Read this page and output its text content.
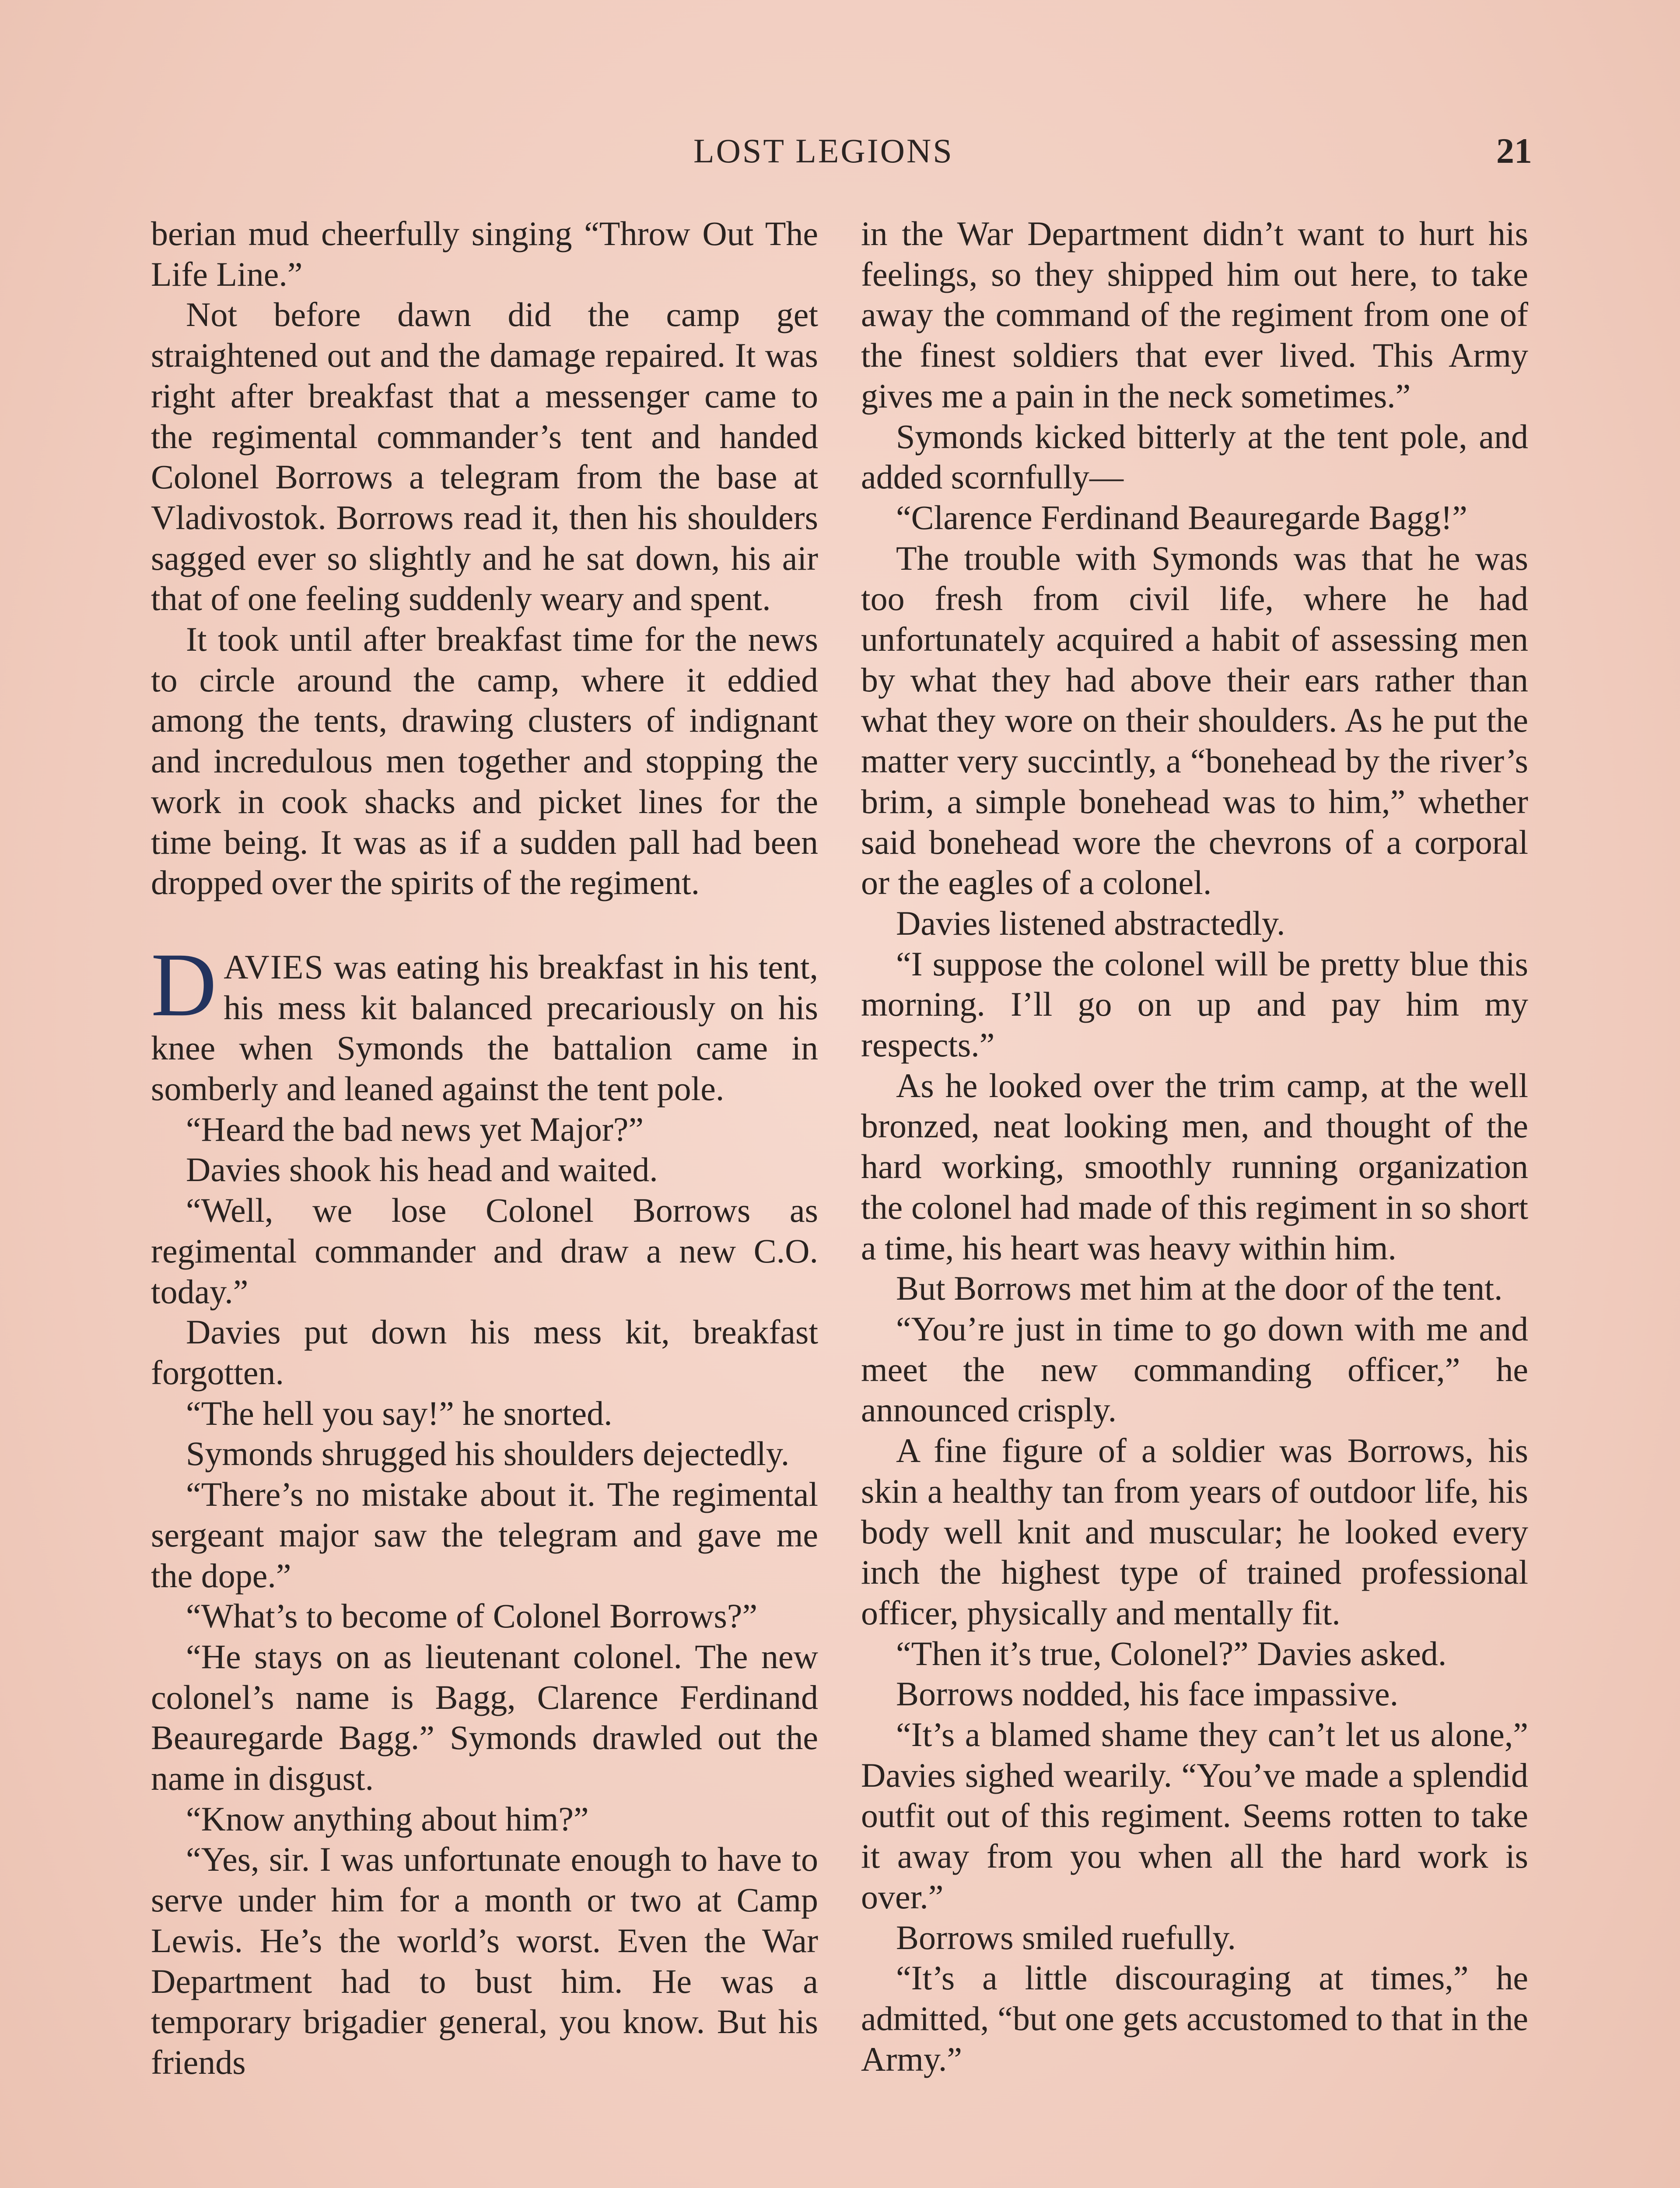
LOST LEGIONS	21

berian mud cheerfully singing “Throw Out The Life Line.”

Not before dawn did the camp get straightened out and the damage repaired. It was right after breakfast that a messenger came to the regimental commander’s tent and handed Colonel Borrows a telegram from the base at Vladivostok. Borrows read it, then his shoulders sagged ever so slightly and he sat down, his air that of one feeling suddenly weary and spent.

It took until after breakfast time for the news to circle around the camp, where it eddied among the tents, drawing clusters of indignant and incredulous men together and stopping the work in cook shacks and picket lines for the time being. It was as if a sudden pall had been dropped over the spirits of the regiment.

DAVIES was eating his breakfast in his tent, his mess kit balanced precariously on his knee when Symonds the battalion came in somberly and leaned against the tent pole.

“Heard the bad news yet Major?”

Davies shook his head and waited.

“Well, we lose Colonel Borrows as regimental commander and draw a new C.O. today.”

Davies put down his mess kit, breakfast forgotten.

“The hell you say!” he snorted.

Symonds shrugged his shoulders dejectedly.

“There’s no mistake about it. The regimental sergeant major saw the telegram and gave me the dope.”

“What’s to become of Colonel Borrows?”

“He stays on as lieutenant colonel. The new colonel’s name is Bagg, Clarence Ferdinand Beauregarde Bagg.” Symonds drawled out the name in disgust.

“Know anything about him?”

“Yes, sir. I was unfortunate enough to have to serve under him for a month or two at Camp Lewis. He’s the world’s worst. Even the War Department had to bust him. He was a temporary brigadier general, you know. But his friends

in the War Department didn’t want to hurt his feelings, so they shipped him out here, to take away the command of the regiment from one of the finest soldiers that ever lived. This Army gives me a pain in the neck sometimes.”

Symonds kicked bitterly at the tent pole, and added scornfully—

“Clarence Ferdinand Beauregarde Bagg!”

The trouble with Symonds was that he was too fresh from civil life, where he had unfortunately acquired a habit of assessing men by what they had above their ears rather than what they wore on their shoulders. As he put the matter very succintly, a “bonehead by the river’s brim, a simple bonehead was to him,” whether said bonehead wore the chevrons of a corporal or the eagles of a colonel.

Davies listened abstractedly.

“I suppose the colonel will be pretty blue this morning. I’ll go on up and pay him my respects.”

As he looked over the trim camp, at the well bronzed, neat looking men, and thought of the hard working, smoothly running organization the colonel had made of this regiment in so short a time, his heart was heavy within him.

But Borrows met him at the door of the tent.

“You’re just in time to go down with me and meet the new commanding officer,” he announced crisply.

A fine figure of a soldier was Borrows, his skin a healthy tan from years of outdoor life, his body well knit and muscular; he looked every inch the highest type of trained professional officer, physically and mentally fit.

“Then it’s true, Colonel?” Davies asked.

Borrows nodded, his face impassive.

“It’s a blamed shame they can’t let us alone,” Davies sighed wearily. “You’ve made a splendid outfit out of this regiment. Seems rotten to take it away from you when all the hard work is over.”

Borrows smiled ruefully.

“It’s a little discouraging at times,” he admitted, “but one gets accustomed to that in the Army.”
